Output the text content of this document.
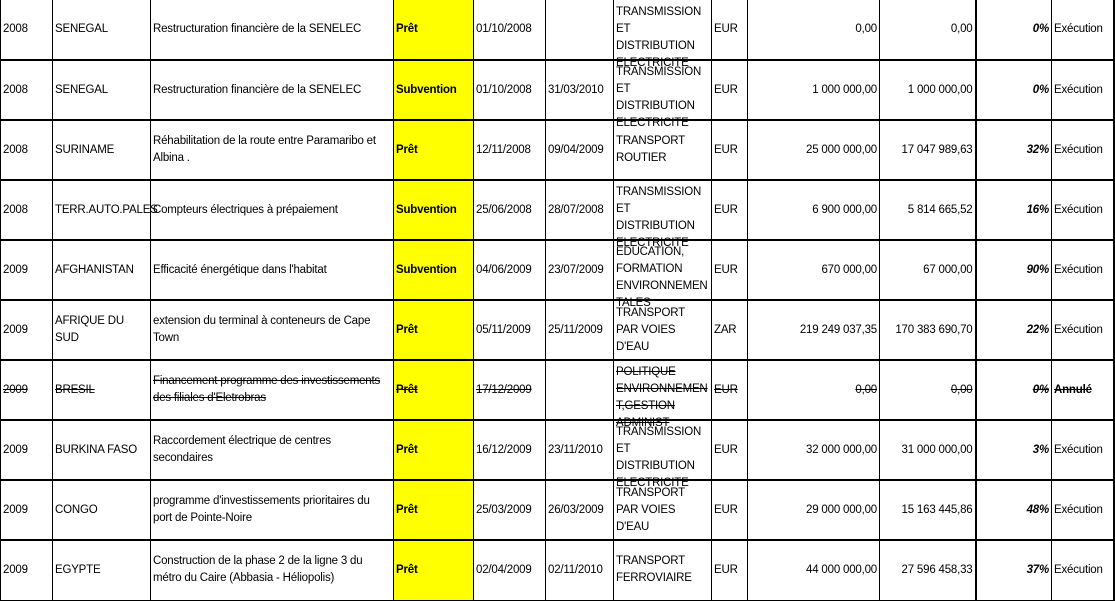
2008	SENEGAL	Restructuration financière de la SENELEC	Prêt	01/10/2008		TRANSMISSION ET DISTRIBUTION ELECTRICITE	EUR	0,00	0,00	0%	Exécution
2008	SENEGAL	Restructuration financière de la SENELEC	Subvention	01/10/2008	31/03/2010	TRANSMISSION ET DISTRIBUTION ELECTRICITE	EUR	1 000 000,00	1 000 000,00	0%	Exécution
2008	SURINAME	Réhabilitation de la route entre Paramaribo et Albina .	Prêt	12/11/2008	09/04/2009	TRANSPORT ROUTIER	EUR	25 000 000,00	17 047 989,63	32%	Exécution
2008	TERR.AUTO.PALES	Compteurs électriques à prépaiement	Subvention	25/06/2008	28/07/2008	TRANSMISSION ET DISTRIBUTION ELECTRICITE	EUR	6 900 000,00	5 814 665,52	16%	Exécution
2009	AFGHANISTAN	Efficacité énergétique dans l'habitat	Subvention	04/06/2009	23/07/2009	EDUCATION, FORMATION ENVIRONNEMEN TALES	EUR	670 000,00	67 000,00	90%	Exécution
2009	AFRIQUE DU SUD	extension du terminal à conteneurs de Cape Town	Prêt	05/11/2009	25/11/2009	TRANSPORT PAR VOIES D'EAU	ZAR	219 249 037,35	170 383 690,70	22%	Exécution
2009	BRESIL	Financement programme des investissements des filiales d'Eletrobras	Prêt	17/12/2009		POLITIQUE ENVIRONNEMEN T,GESTION ADMINIST	EUR	0,00	0,00	0%	Annulé
2009	BURKINA FASO	Raccordement électrique de centres secondaires	Prêt	16/12/2009	23/11/2010	TRANSMISSION ET DISTRIBUTION ELECTRICITE	EUR	32 000 000,00	31 000 000,00	3%	Exécution
2009	CONGO	programme d'investissements prioritaires du port de Pointe-Noire	Prêt	25/03/2009	26/03/2009	TRANSPORT PAR VOIES D'EAU	EUR	29 000 000,00	15 163 445,86	48%	Exécution
2009	EGYPTE	Construction de la phase 2 de la ligne 3 du métro du Caire (Abbasia - Héliopolis)	Prêt	02/04/2009	02/11/2010	TRANSPORT FERROVIAIRE	EUR	44 000 000,00	27 596 458,33	37%	Exécution
